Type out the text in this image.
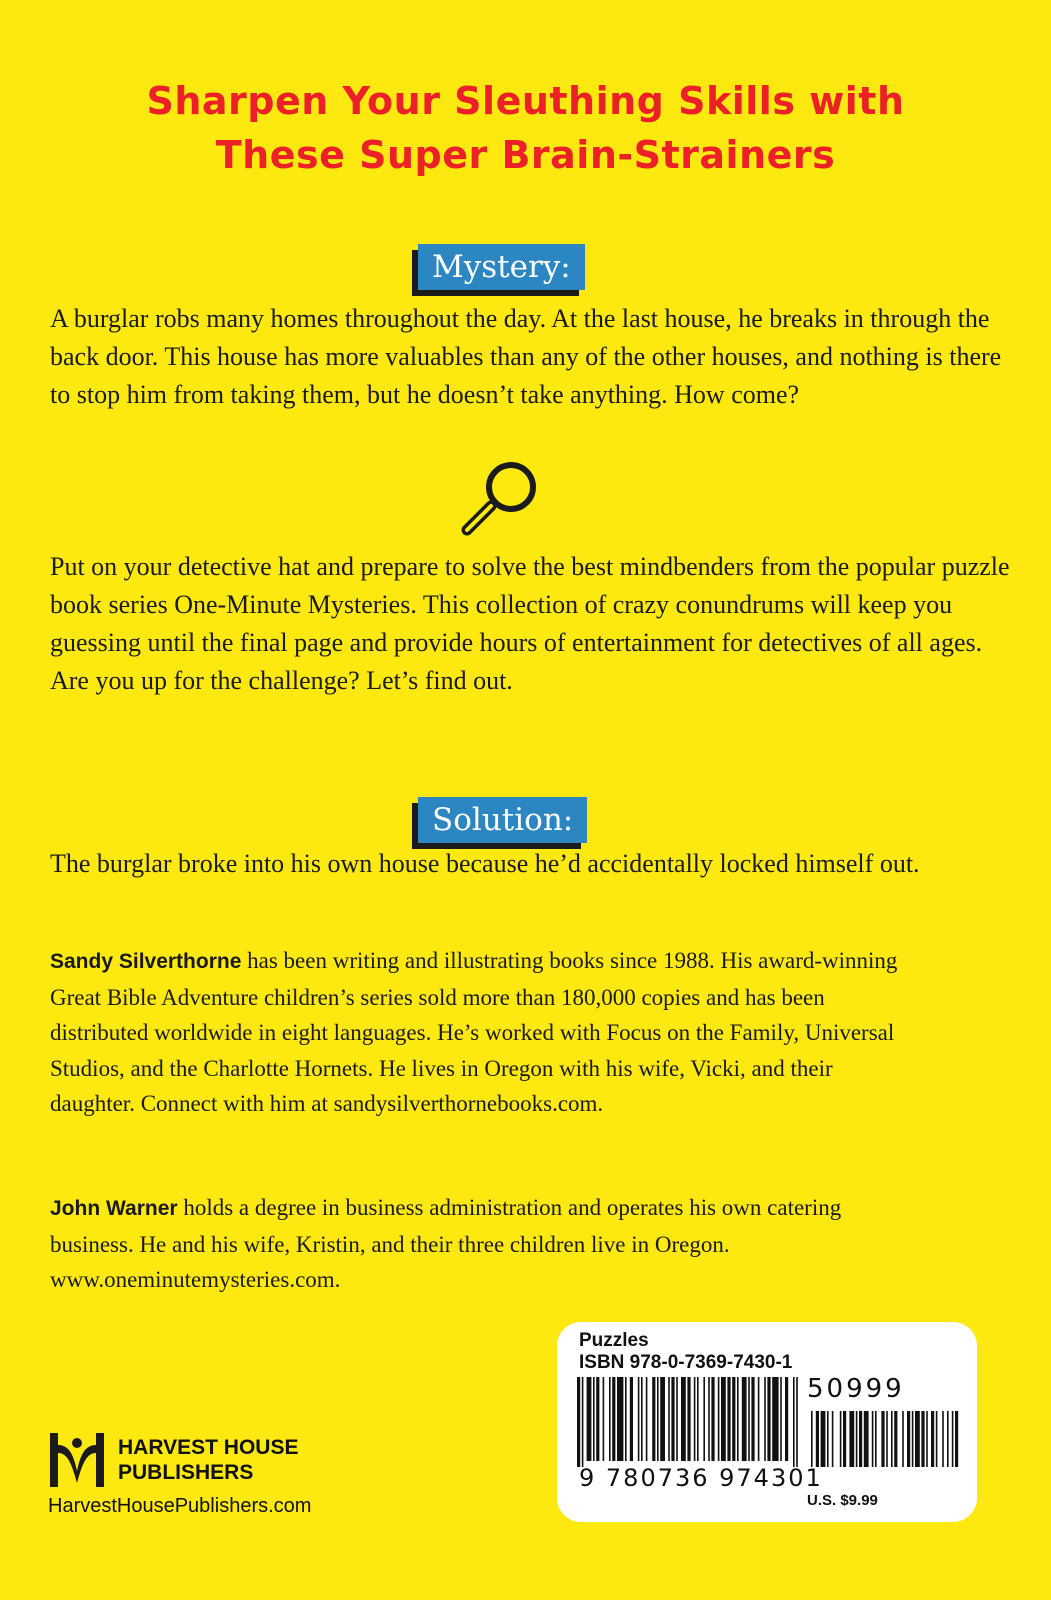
Sharpen Your Sleuthing Skills with
These Super Brain-Strainers
Mystery:

A burglar robs many homes throughout the day. At the last house, he breaks in through the back door. This house has more valuables than any of the other houses, and nothing is there to stop him from taking them, but he doesn’t take anything. How come?

Put on your detective hat and prepare to solve the best mindbenders from the popular puzzle book series One-Minute Mysteries. This collection of crazy conundrums will keep you guessing until the final page and provide hours of entertainment for detectives of all ages. Are you up for the challenge? Let’s find out.

Solution:

The burglar broke into his own house because he’d accidentally locked himself out.

Sandy Silverthorne has been writing and illustrating books since 1988. His award-winning Great Bible Adventure children’s series sold more than 180,000 copies and has been distributed worldwide in eight languages. He’s worked with Focus on the Family, Universal Studios, and the Charlotte Hornets. He lives in Oregon with his wife, Vicki, and their daughter. Connect with him at sandysilverthornebooks.com.

John Warner holds a degree in business administration and operates his own catering business. He and his wife, Kristin, and their three children live in Oregon. www.oneminutemysteries.com.

Puzzles
ISBN 978-0-7369-7430-1
50999
9 780736 974301
U.S. $9.99
HARVEST HOUSE
PUBLISHERS
HarvestHousePublishers.com
